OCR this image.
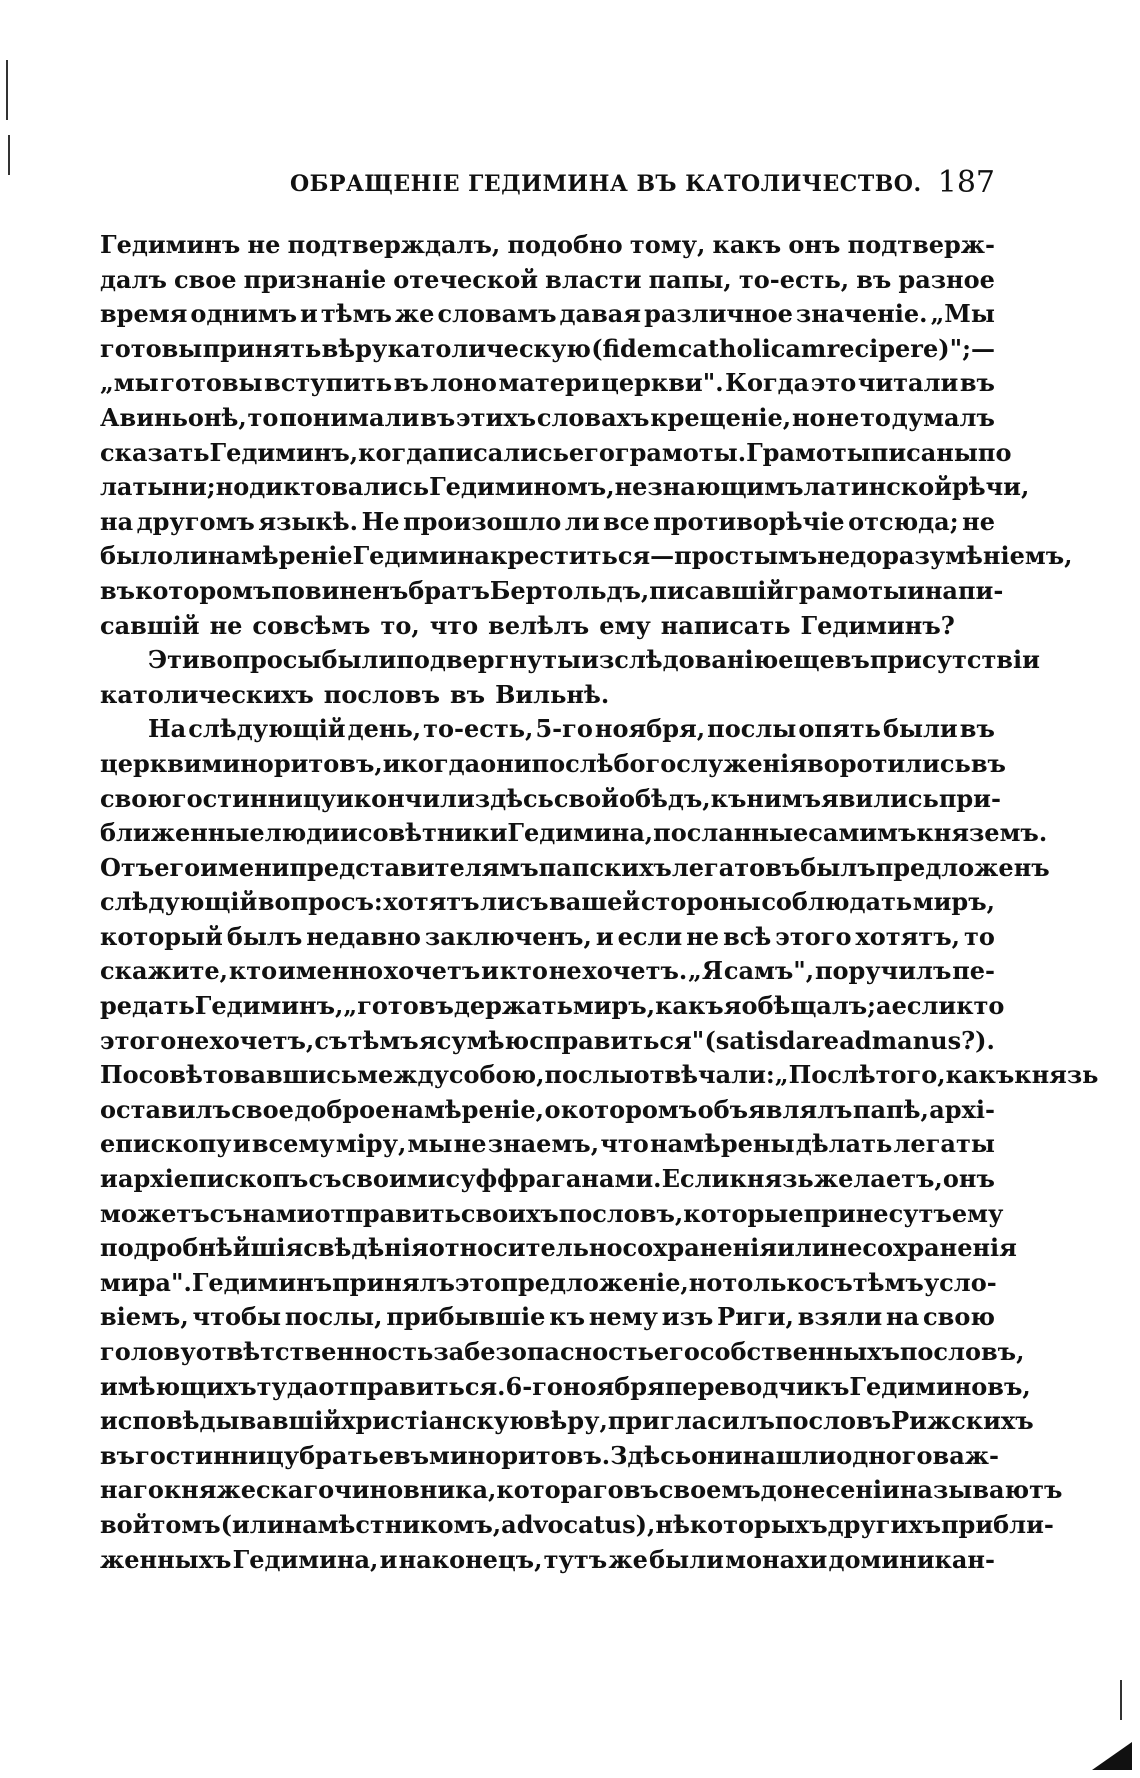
ОБРАЩЕНІЕ ГЕДИМИНА ВЪ КАТОЛИЧЕСТВО. 187
Гедиминъ не подтверждалъ, подобно тому, какъ онъ подтверж-
далъ свое признаніе отеческой власти папы, то-есть, въ разное
время однимъ и тѣмъ же словамъ давая различное значеніе. „Мы
готовы принять вѣру католическую (fidem catholicam recipere)";—
„мы готовы вступить въ лоно матери церкви". Когда это читали въ
Авиньонѣ, то понимали въ этихъ словахъ крещеніе, но не то думалъ
сказать Гедиминъ, когда писались его грамоты. Грамоты писаны по
латыни; но диктовались Гедиминомъ, не знающимъ латинской рѣчи,
на другомъ языкѣ. Не произошло ли все противорѣчіе отсюда; не
было ли намѣреніе Гедимина креститься—простымъ недоразумѣніемъ,
въ которомъ повиненъ братъ Бертольдъ, писавшій грамоты и напи-
савшій не совсѣмъ то, что велѣлъ ему написать Гедиминъ?
Эти вопросы были подвергнуты изслѣдованію еще въ присутствіи
католическихъ пословъ въ Вильнѣ.
На слѣдующій день, то-есть, 5-го ноября, послы опять были въ
церкви миноритовъ, и когда они послѣ богослуженія воротились въ
свою гостинницу и кончили здѣсь свой обѣдъ, къ нимъ явились при-
ближенные люди и совѣтники Гедимина, посланные самимъ княземъ.
Отъ его имени представителямъ папскихъ легатовъ былъ предложенъ
слѣдующій вопросъ: хотятъ ли съ вашей стороны соблюдать миръ,
который былъ недавно заключенъ, и если не всѣ этого хотятъ, то
скажите, кто именно хочетъ и кто не хочетъ. „Я самъ", поручилъ пе-
редать Гедиминъ, „готовъ держать миръ, какъ я обѣщалъ; а если кто
этого не хочетъ, съ тѣмъ я сумѣю справиться" (satis dare ad manus?).
Посовѣтовавшись между собою, послы отвѣчали: „Послѣ того, какъ князь
оставилъ свое доброе намѣреніе, о которомъ объявлялъ папѣ, архі-
епископу и всему міру, мы не знаемъ, что намѣрены дѣлать легаты
и архіепископъ съ своими суффраганами. Если князь желаетъ, онъ
можетъ съ нами отправить своихъ пословъ, которые принесутъ ему
подробнѣйшія свѣдѣнія относительно сохраненія или несохраненія
мира". Гедиминъ принялъ это предложеніе, но только съ тѣмъ усло-
віемъ, чтобы послы, прибывшіе къ нему изъ Риги, взяли на свою
голову отвѣтственность за безопасность его собственныхъ пословъ,
имѣющихъ туда отправиться. 6-го ноября переводчикъ Гедиминовъ,
исповѣдывавшій христіанскую вѣру, пригласилъ пословъ Рижскихъ
въ гостинницу братьевъ миноритовъ. Здѣсь они нашли одного важ-
наго княжескаго чиновника, котораго въ своемъ донесеніи называютъ
войтомъ (или намѣстникомъ, advocatus), нѣкоторыхъ другихъ прибли-
женныхъ Гедимина, и наконецъ, тутъ же были монахи доминикан-
